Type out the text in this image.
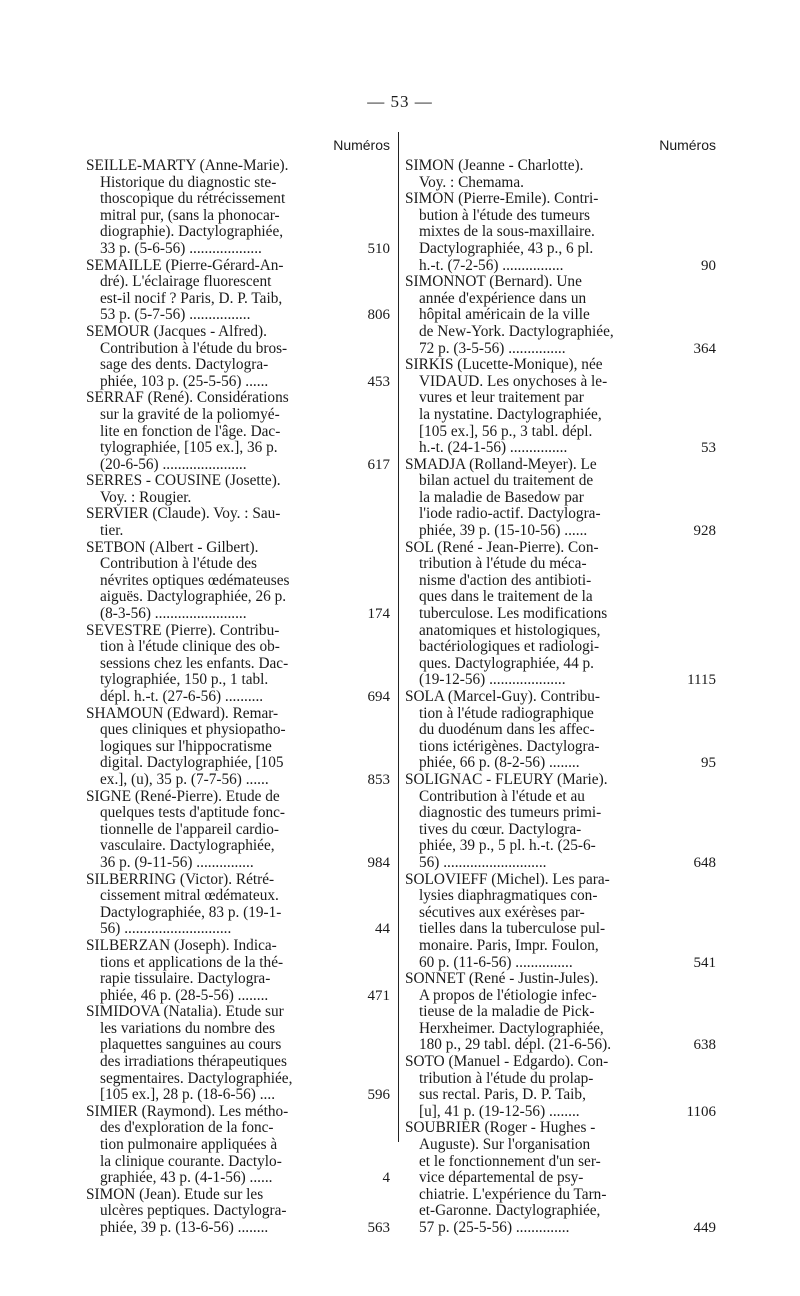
— 53 —
Numéros
SEILLE-MARTY (Anne-Marie).
Historique du diagnostic ste-
thoscopique du rétrécissement
mitral pur, (sans la phonocar-
diographie). Dactylographiée,
33 p. (5-6-56) ...................	510
SEMAILLE (Pierre-Gérard-An-
dré). L'éclairage fluorescent
est-il nocif ? Paris, D. P. Taib,
53 p. (5-7-56) ................	806
SEMOUR (Jacques - Alfred).
Contribution à l'étude du bros-
sage des dents. Dactylogra-
phiée, 103 p. (25-5-56) ......	453
SERRAF (René). Considérations
sur la gravité de la poliomyé-
lite en fonction de l'âge. Dac-
tylographiée, [105 ex.], 36 p.
(20-6-56) ......................	617
SERRES - COUSINE (Josette).
Voy. : Rougier.
SERVIER (Claude). Voy. : Sau-
tier.
SETBON (Albert - Gilbert).
Contribution à l'étude des
névrites optiques œdémateuses
aiguës. Dactylographiée, 26 p.
(8-3-56) ........................	174
SEVESTRE (Pierre). Contribu-
tion à l'étude clinique des ob-
sessions chez les enfants. Dac-
tylographiée, 150 p., 1 tabl.
dépl. h.-t. (27-6-56) ..........	694
SHAMOUN (Edward). Remar-
ques cliniques et physiopatho-
logiques sur l'hippocratisme
digital. Dactylographiée, [105
ex.], (u), 35 p. (7-7-56) ......	853
SIGNE (René-Pierre). Etude de
quelques tests d'aptitude fonc-
tionnelle de l'appareil cardio-
vasculaire. Dactylographiée,
36 p. (9-11-56) ...............	984
SILBERRING (Victor). Rétré-
cissement mitral œdémateux.
Dactylographiée, 83 p. (19-1-
56) ............................	44
SILBERZAN (Joseph). Indica-
tions et applications de la thé-
rapie tissulaire. Dactylogra-
phiée, 46 p. (28-5-56) ........	471
SIMIDOVA (Natalia). Etude sur
les variations du nombre des
plaquettes sanguines au cours
des irradiations thérapeutiques
segmentaires. Dactylographiée,
[105 ex.], 28 p. (18-6-56) ....	596
SIMIER (Raymond). Les métho-
des d'exploration de la fonc-
tion pulmonaire appliquées à
la clinique courante. Dactylo-
graphiée, 43 p. (4-1-56) ......	4
SIMON (Jean). Etude sur les
ulcères peptiques. Dactylogra-
phiée, 39 p. (13-6-56) ........	563
Numéros
SIMON (Jeanne - Charlotte).
Voy. : Chemama.
SIMON (Pierre-Emile). Contri-
bution à l'étude des tumeurs
mixtes de la sous-maxillaire.
Dactylographiée, 43 p., 6 pl.
h.-t. (7-2-56) ................	90
SIMONNOT (Bernard). Une
année d'expérience dans un
hôpital américain de la ville
de New-York. Dactylographiée,
72 p. (3-5-56) ...............	364
SIRKIS (Lucette-Monique), née
VIDAUD. Les onychoses à le-
vures et leur traitement par
la nystatine. Dactylographiée,
[105 ex.], 56 p., 3 tabl. dépl.
h.-t. (24-1-56) ...............	53
SMADJA (Rolland-Meyer). Le
bilan actuel du traitement de
la maladie de Basedow par
l'iode radio-actif. Dactylogra-
phiée, 39 p. (15-10-56) ......	928
SOL (René - Jean-Pierre). Con-
tribution à l'étude du méca-
nisme d'action des antibioti-
ques dans le traitement de la
tuberculose. Les modifications
anatomiques et histologiques,
bactériologiques et radiologi-
ques. Dactylographiée, 44 p.
(19-12-56) ....................	1115
SOLA (Marcel-Guy). Contribu-
tion à l'étude radiographique
du duodénum dans les affec-
tions ictérigènes. Dactylogra-
phiée, 66 p. (8-2-56) ........	95
SOLIGNAC - FLEURY (Marie).
Contribution à l'étude et au
diagnostic des tumeurs primi-
tives du cœur. Dactylogra-
phiée, 39 p., 5 pl. h.-t. (25-6-
56) ...........................	648
SOLOVIEFF (Michel). Les para-
lysies diaphragmatiques con-
sécutives aux exérèses par-
tielles dans la tuberculose pul-
monaire. Paris, Impr. Foulon,
60 p. (11-6-56) ...............	541
SONNET (René - Justin-Jules).
A propos de l'étiologie infec-
tieuse de la maladie de Pick-
Herxheimer. Dactylographiée,
180 p., 29 tabl. dépl. (21-6-56).	638
SOTO (Manuel - Edgardo). Con-
tribution à l'étude du prolap-
sus rectal. Paris, D. P. Taib,
[u], 41 p. (19-12-56) ........	1106
SOUBRIER (Roger - Hughes -
Auguste). Sur l'organisation
et le fonctionnement d'un ser-
vice départemental de psy-
chiatrie. L'expérience du Tarn-
et-Garonne. Dactylographiée,
57 p. (25-5-56) ..............	449
